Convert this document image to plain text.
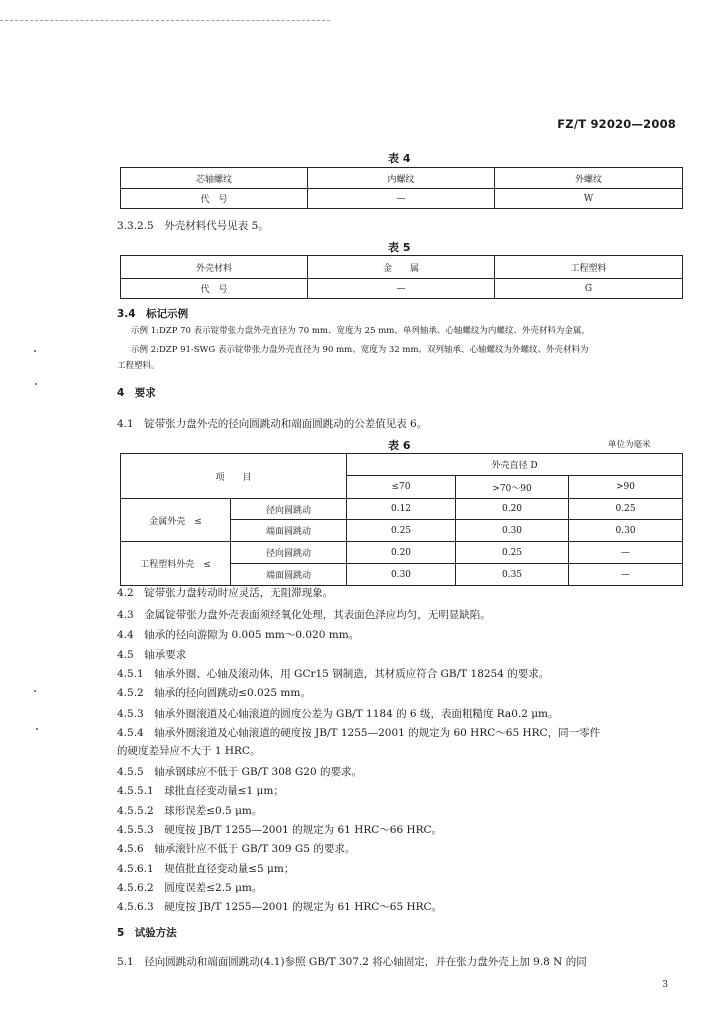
FZ/T 92020—2008
表 4
芯轴螺纹	内螺纹	外螺纹
代　号	—	W
3.3.2.5　外壳材料代号见表 5。
表 5
外壳材料	金　　属	工程塑料
代　号	—	G
3.4　标记示例
示例 1:DZP 70 表示锭带张力盘外壳直径为 70 mm、宽度为 25 mm、单列轴承、心轴螺纹为内螺纹、外壳材料为金属。
示例 2:DZP 91-SWG 表示锭带张力盘外壳直径为 90 mm、宽度为 32 mm、双列轴承、心轴螺纹为外螺纹、外壳材料为
工程塑料。
4　要求
4.1　锭带张力盘外壳的径向圆跳动和端面圆跳动的公差值见表 6。
表 6	单位为毫米
项　　目		外壳直径 D		
		≤70	>70～90	>90
金属外壳　≤	径向圆跳动	0.12	0.20	0.25
	端面圆跳动	0.25	0.30	0.30
工程塑料外壳　≤	径向圆跳动	0.20	0.25	—
	端面圆跳动	0.30	0.35	—
4.2　锭带张力盘转动时应灵活，无阻滞现象。
4.3　金属锭带张力盘外壳表面须经氧化处理，其表面色泽应均匀，无明显缺陷。
4.4　轴承的径向游隙为 0.005 mm～0.020 mm。
4.5　轴承要求
4.5.1　轴承外圈、心轴及滚动体，用 GCr15 钢制造，其材质应符合 GB/T 18254 的要求。
4.5.2　轴承的径向圆跳动≤0.025 mm。
4.5.3　轴承外圈滚道及心轴滚道的圆度公差为 GB/T 1184 的 6 级，表面粗糙度 Ra0.2 μm。
4.5.4　轴承外圈滚道及心轴滚道的硬度按 JB/T 1255—2001 的规定为 60 HRC～65 HRC，同一零件
的硬度差异应不大于 1 HRC。
4.5.5　轴承钢球应不低于 GB/T 308 G20 的要求。
4.5.5.1　球批直径变动量≤1 μm；
4.5.5.2　球形误差≤0.5 μm。
4.5.5.3　硬度按 JB/T 1255—2001 的规定为 61 HRC～66 HRC。
4.5.6　轴承滚针应不低于 GB/T 309 G5 的要求。
4.5.6.1　规值批直径变动量≤5 μm；
4.5.6.2　圆度误差≤2.5 μm。
4.5.6.3　硬度按 JB/T 1255—2001 的规定为 61 HRC～65 HRC。
5　试验方法
5.1　径向圆跳动和端面圆跳动(4.1)参照 GB/T 307.2 将心轴固定，并在张力盘外壳上加 9.8 N 的同
3
